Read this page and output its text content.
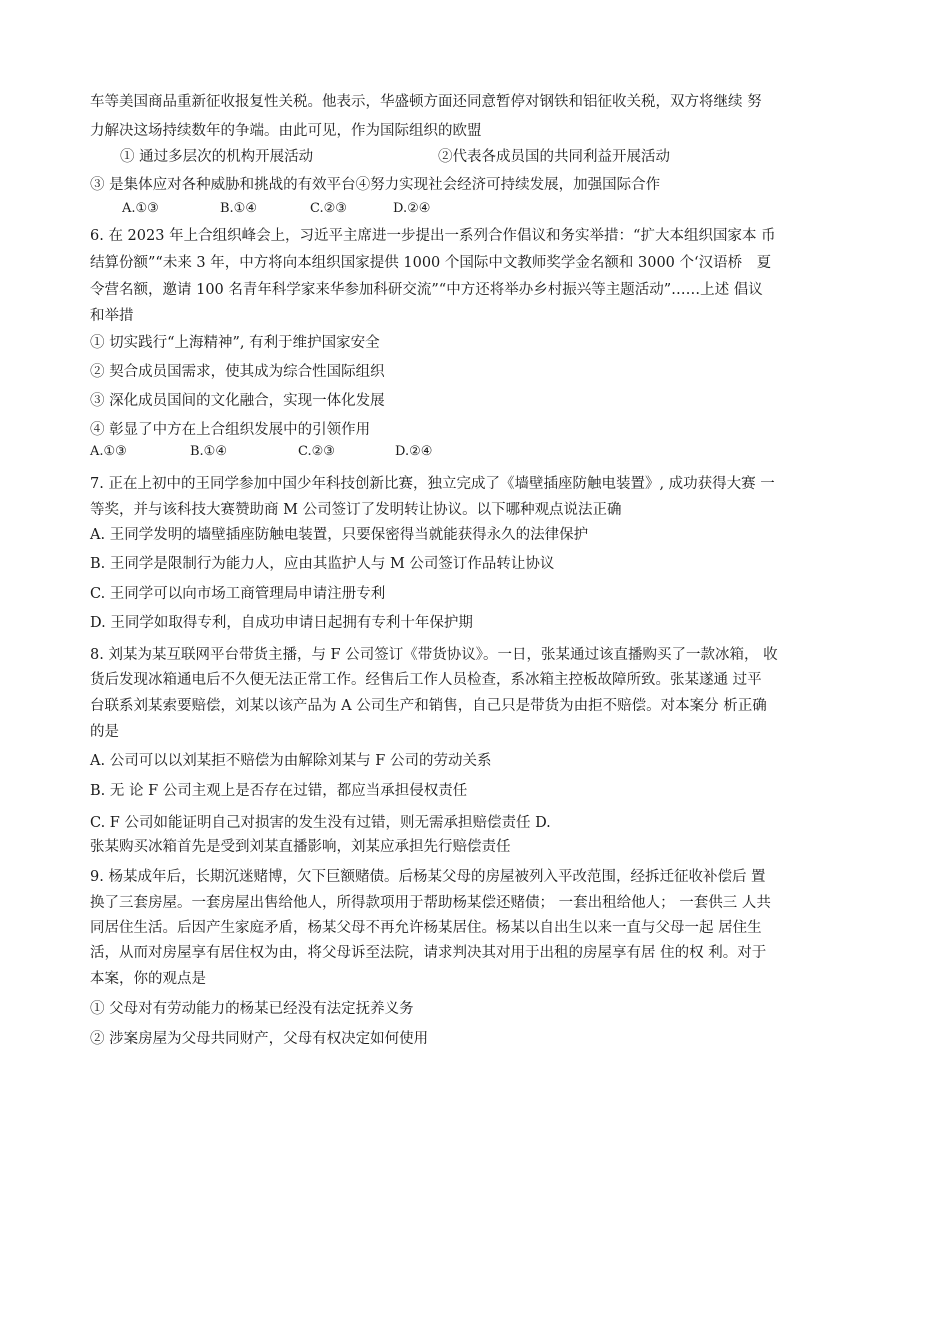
车等美国商品重新征收报复性关税。他表示，华盛顿方面还同意暂停对钢铁和铝征收关税，双方将继续 努
力解决这场持续数年的争端。由此可见，作为国际组织的欧盟
① 通过多层次的机构开展活动	②代表各成员国的共同利益开展活动
③ 是集体应对各种威胁和挑战的有效平台④努力实现社会经济可持续发展，加强国际合作
A.①③	B.①④	C.②③	D.②④
6. 在 2023 年上合组织峰会上，习近平主席进一步提出一系列合作倡议和务实举措：“扩大本组织国家本 币
结算份额”“未来 3 年，中方将向本组织国家提供 1000 个国际中文教师奖学金名额和 3000 个‘汉语桥　夏
令营名额，邀请 100 名青年科学家来华参加科研交流”“中方还将举办乡村振兴等主题活动”……上述 倡议
和举措
① 切实践行“上海精神”, 有利于维护国家安全
② 契合成员国需求，使其成为综合性国际组织
③ 深化成员国间的文化融合，实现一体化发展
④ 彰显了中方在上合组织发展中的引领作用
A.①③	B.①④	C.②③	D.②④
7. 正在上初中的王同学参加中国少年科技创新比赛，独立完成了《墙壁插座防触电装置》, 成功获得大赛 一
等奖，并与该科技大赛赞助商 M 公司签订了发明转让协议。以下哪种观点说法正确
A. 王同学发明的墙壁插座防触电装置，只要保密得当就能获得永久的法律保护
B. 王同学是限制行为能力人，应由其监护人与 M 公司签订作品转让协议
C. 王同学可以向市场工商管理局申请注册专利
D. 王同学如取得专利，自成功申请日起拥有专利十年保护期
8. 刘某为某互联网平台带货主播，与 F 公司签订《带货协议》。一日，张某通过该直播购买了一款冰箱， 收
货后发现冰箱通电后不久便无法正常工作。经售后工作人员检查，系冰箱主控板故障所致。张某遂通 过平
台联系刘某索要赔偿，刘某以该产品为 A 公司生产和销售，自己只是带货为由拒不赔偿。对本案分 析正确
的是
A. 公司可以以刘某拒不赔偿为由解除刘某与 F 公司的劳动关系
B. 无 论 F 公司主观上是否存在过错，都应当承担侵权责任
C. F 公司如能证明自己对损害的发生没有过错，则无需承担赔偿责任 D.
张某购买冰箱首先是受到刘某直播影响，刘某应承担先行赔偿责任
9. 杨某成年后，长期沉迷赌博，欠下巨额赌债。后杨某父母的房屋被列入平改范围，经拆迁征收补偿后 置
换了三套房屋。一套房屋出售给他人，所得款项用于帮助杨某偿还赌债； 一套出租给他人； 一套供三 人共
同居住生活。后因产生家庭矛盾，杨某父母不再允许杨某居住。杨某以自出生以来一直与父母一起 居住生
活，从而对房屋享有居住权为由，将父母诉至法院，请求判决其对用于出租的房屋享有居 住的权 利。对于
本案，你的观点是
① 父母对有劳动能力的杨某已经没有法定抚养义务
② 涉案房屋为父母共同财产，父母有权决定如何使用
